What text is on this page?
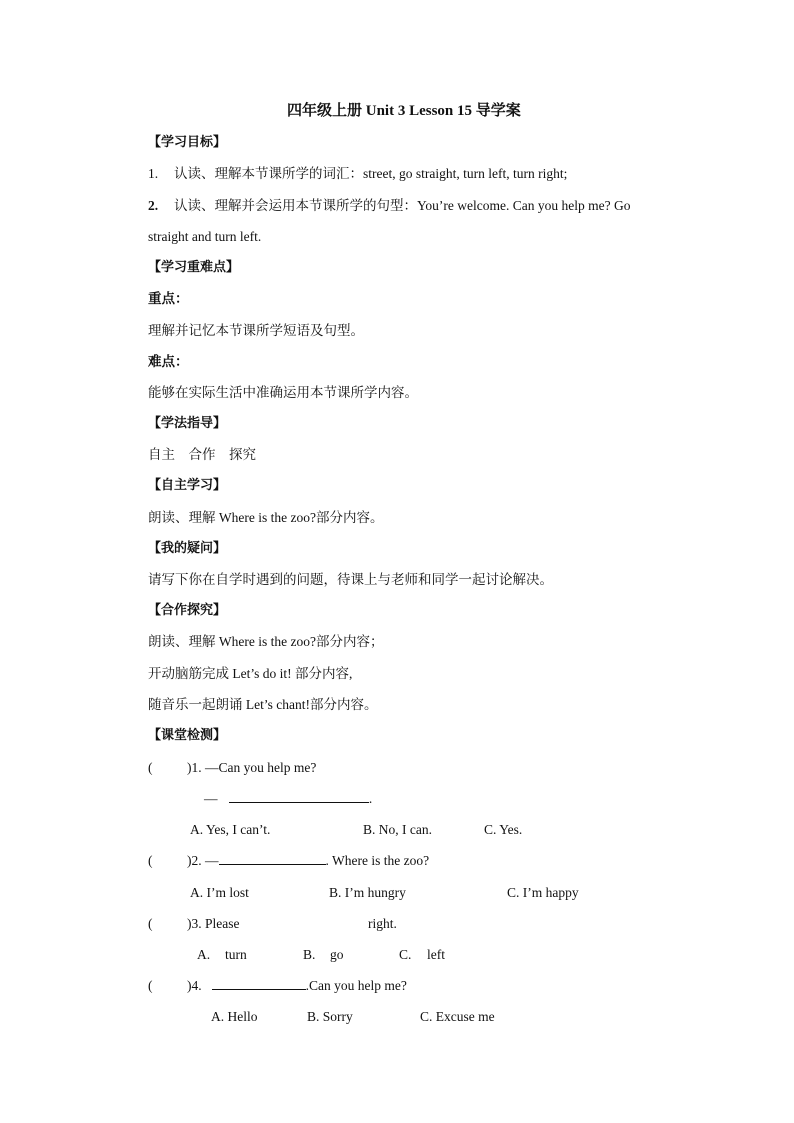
四年级上册 Unit 3 Lesson 15 导学案
【学习目标】
1. 认读、理解本节课所学的词汇：street, go straight, turn left, turn right;
2. 认读、理解并会运用本节课所学的句型：You’re welcome. Can you help me? Go
straight and turn left.
【学习重难点】
重点：
理解并记忆本节课所学短语及句型。
难点：
能够在实际生活中准确运用本节课所学内容。
【学法指导】
自主　合作　探究
【自主学习】
朗读、理解 Where is the zoo?部分内容。
【我的疑问】
请写下你在自学时遇到的问题，待课上与老师和同学一起讨论解决。
【合作探究】
朗读、理解 Where is the zoo?部分内容；
开动脑筋完成 Let’s do it! 部分内容,
随音乐一起朗诵 Let’s chant!部分内容。
【课堂检测】
(	)1. —Can you help me?
—	.
A. Yes, I can’t.	B. No, I can.	C. Yes.
(	)2. —	. Where is the zoo?
A. I’m lost	B. I’m hungry	C. I’m happy
(	)3. Please	right.
A. turn	B. go	C. left
(	)4.	.Can you help me?
A. Hello	B. Sorry	C. Excuse me
